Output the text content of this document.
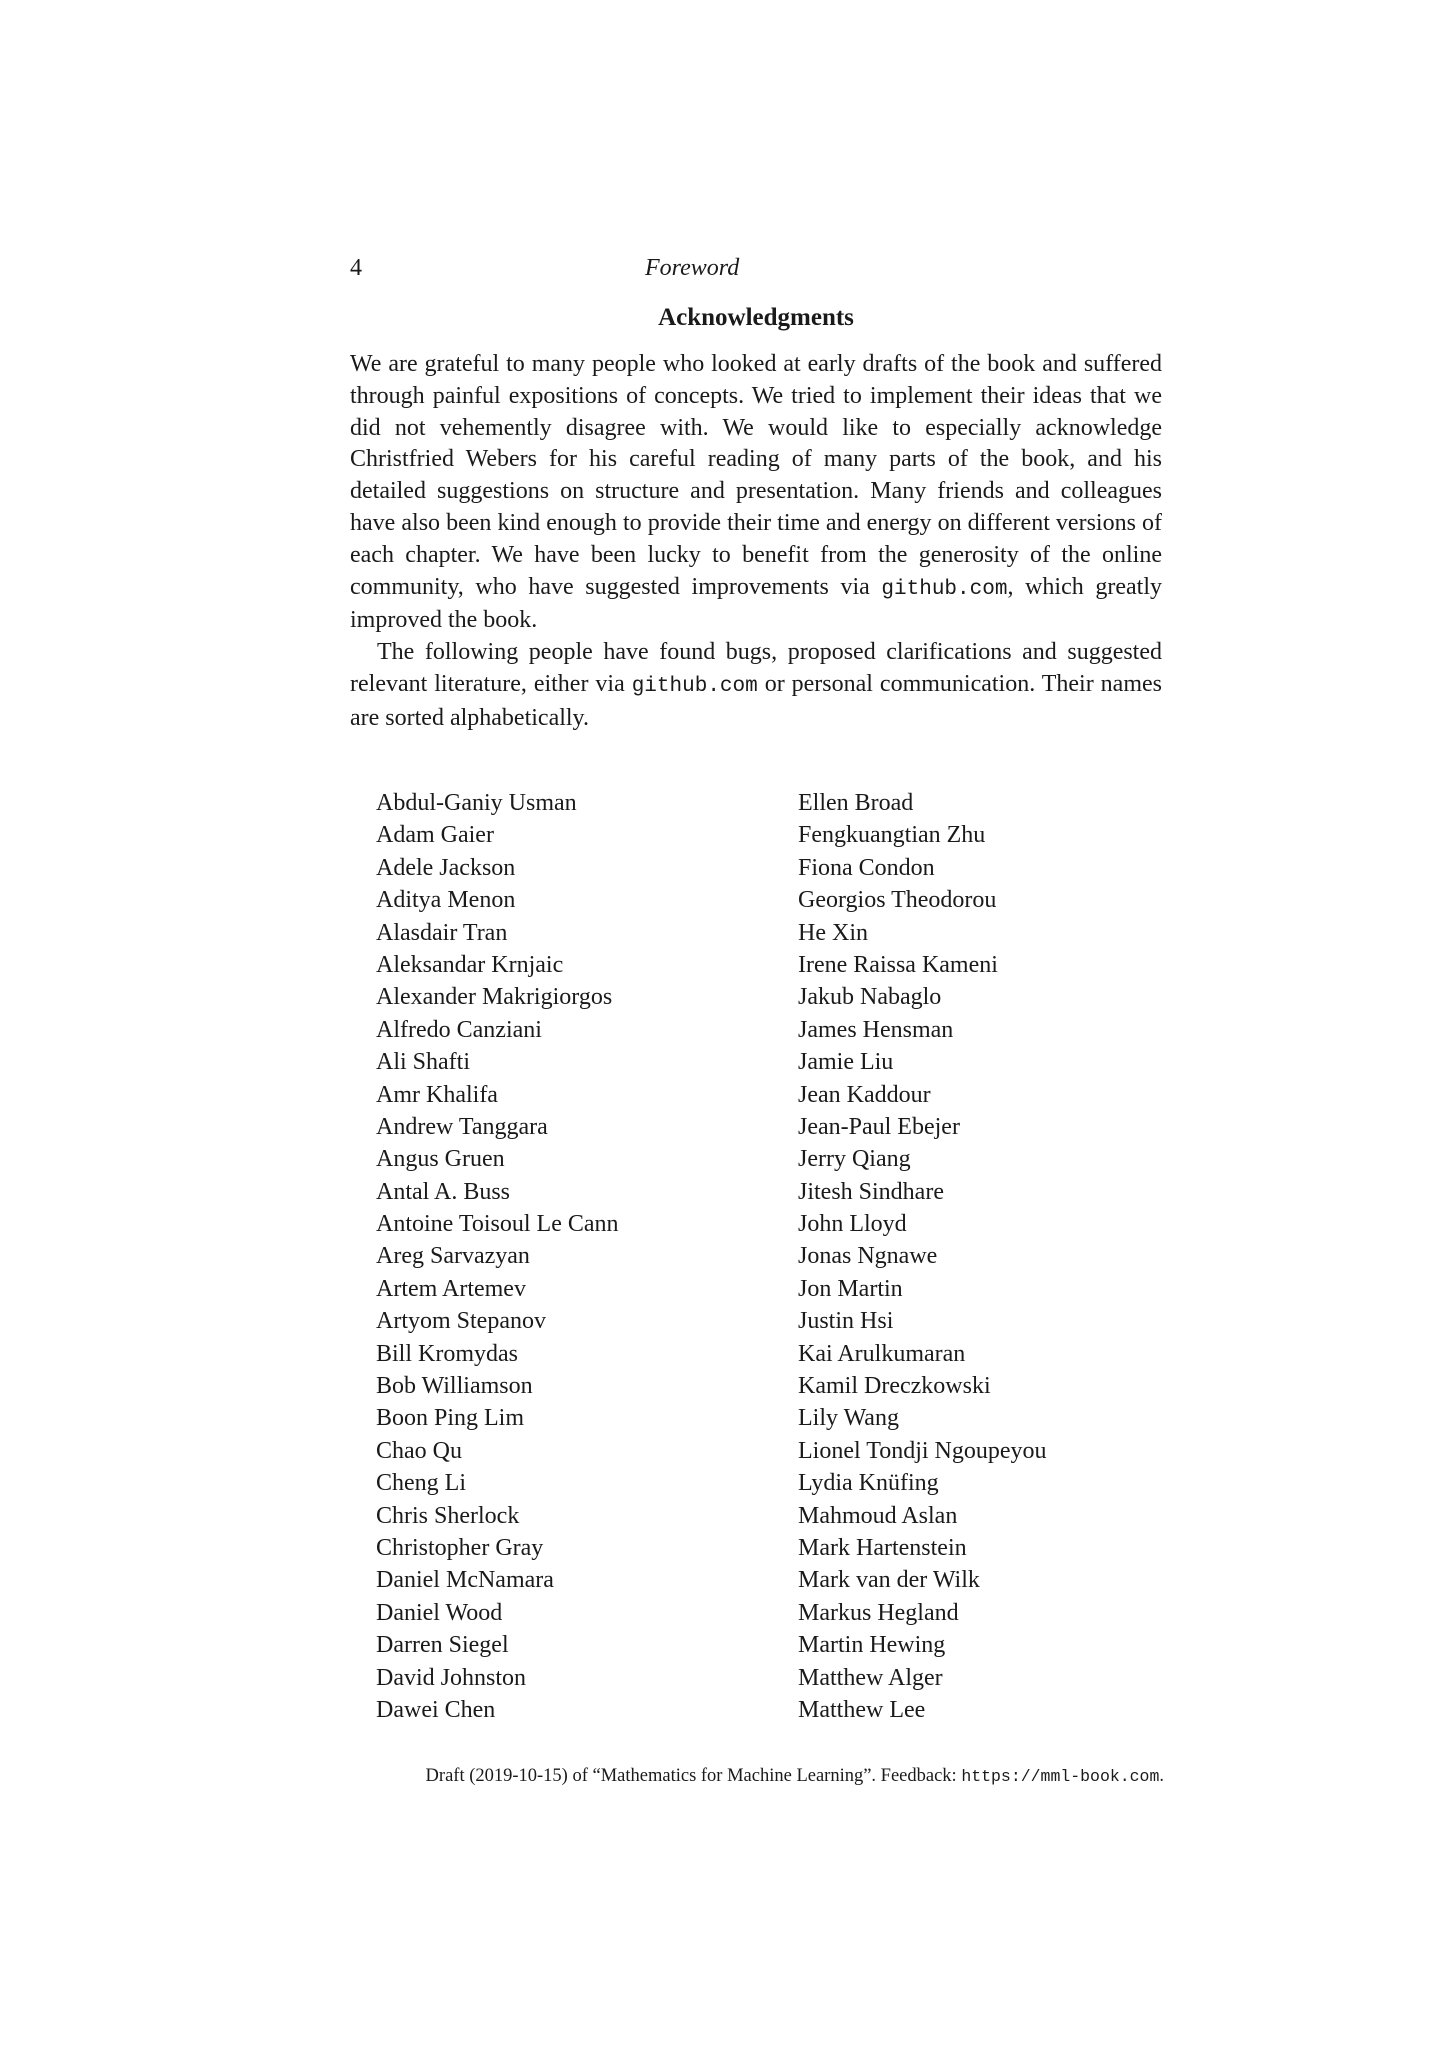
4	Foreword
Acknowledgments

We are grateful to many people who looked at early drafts of the book and suffered through painful expositions of concepts. We tried to implement their ideas that we did not vehemently disagree with. We would like to especially acknowledge Christfried Webers for his careful reading of many parts of the book, and his detailed suggestions on structure and presentation. Many friends and colleagues have also been kind enough to provide their time and energy on different versions of each chapter. We have been lucky to benefit from the generosity of the online community, who have suggested improvements via github.com, which greatly improved the book.

The following people have found bugs, proposed clarifications and suggested relevant literature, either via github.com or personal communication. Their names are sorted alphabetically.

Abdul-Ganiy Usman
Adam Gaier
Adele Jackson
Aditya Menon
Alasdair Tran
Aleksandar Krnjaic
Alexander Makrigiorgos
Alfredo Canziani
Ali Shafti
Amr Khalifa
Andrew Tanggara
Angus Gruen
Antal A. Buss
Antoine Toisoul Le Cann
Areg Sarvazyan
Artem Artemev
Artyom Stepanov
Bill Kromydas
Bob Williamson
Boon Ping Lim
Chao Qu
Cheng Li
Chris Sherlock
Christopher Gray
Daniel McNamara
Daniel Wood
Darren Siegel
David Johnston
Dawei Chen
Ellen Broad
Fengkuangtian Zhu
Fiona Condon
Georgios Theodorou
He Xin
Irene Raissa Kameni
Jakub Nabaglo
James Hensman
Jamie Liu
Jean Kaddour
Jean-Paul Ebejer
Jerry Qiang
Jitesh Sindhare
John Lloyd
Jonas Ngnawe
Jon Martin
Justin Hsi
Kai Arulkumaran
Kamil Dreczkowski
Lily Wang
Lionel Tondji Ngoupeyou
Lydia Knüfing
Mahmoud Aslan
Mark Hartenstein
Mark van der Wilk
Markus Hegland
Martin Hewing
Matthew Alger
Matthew Lee
Draft (2019-10-15) of “Mathematics for Machine Learning”. Feedback: https://mml-book.com.
